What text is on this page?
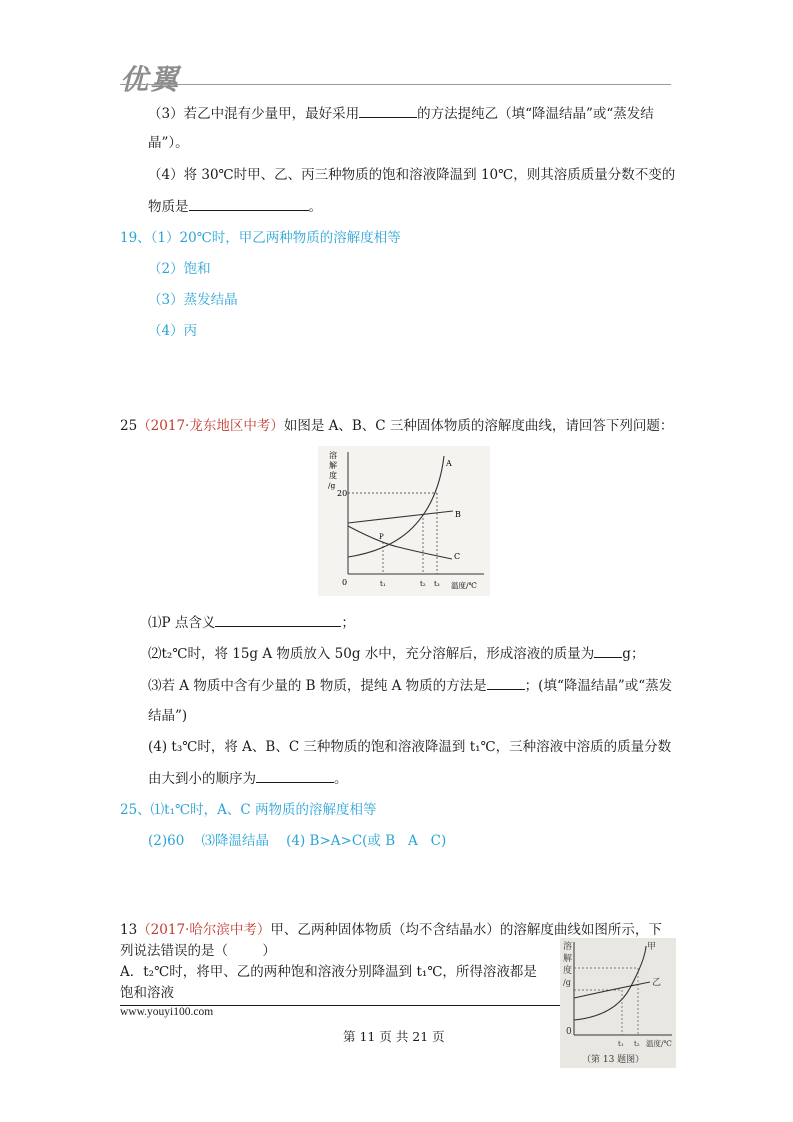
优翼
（3）若乙中混有少量甲，最好采用	的方法提纯乙（填“降温结晶”或“蒸发结
晶”）。
（4）将 30℃时甲、乙、丙三种物质的饱和溶液降温到 10℃，则其溶质质量分数不变的
物质是	。
19、（1）20℃时，甲乙两种物质的溶解度相等
（2）饱和
（3）蒸发结晶
（4）丙
25（2017·龙东地区中考）如图是 A、B、C 三种固体物质的溶解度曲线，请回答下列问题：
溶
解
度
/g
20
0
A
B
C
P
t₁	t₂ t₃ 温度/℃
⑴P 点含义	；
⑵t₂℃时，将 15g A 物质放入 50g 水中，充分溶解后，形成溶液的质量为 g；
⑶若 A 物质中含有少量的 B 物质，提纯 A 物质的方法是	；(填“降温结晶”或“蒸发
结晶”)
(4) t₃℃时，将 A、B、C 三种物质的饱和溶液降温到 t₁℃，三种溶液中溶质的质量分数
由大到小的顺序为	。
25、⑴t₁℃时，A、C 两物质的溶解度相等
(2)60    ⑶降温结晶    (4) B>A>C(或 B   A   C)
13（2017·哈尔滨中考）甲、乙两种固体物质（均不含结晶水）的溶解度曲线如图所示，下
列说法错误的是（        ）
A．t₂℃时，将甲、乙的两种饱和溶液分别降温到 t₁℃，所得溶液都是
饱和溶液
溶
解
度
/g
0
甲
乙
t₁ t₂ 温度/℃
（第 13 题图）
www.youyi100.com
第 11 页 共 21 页
